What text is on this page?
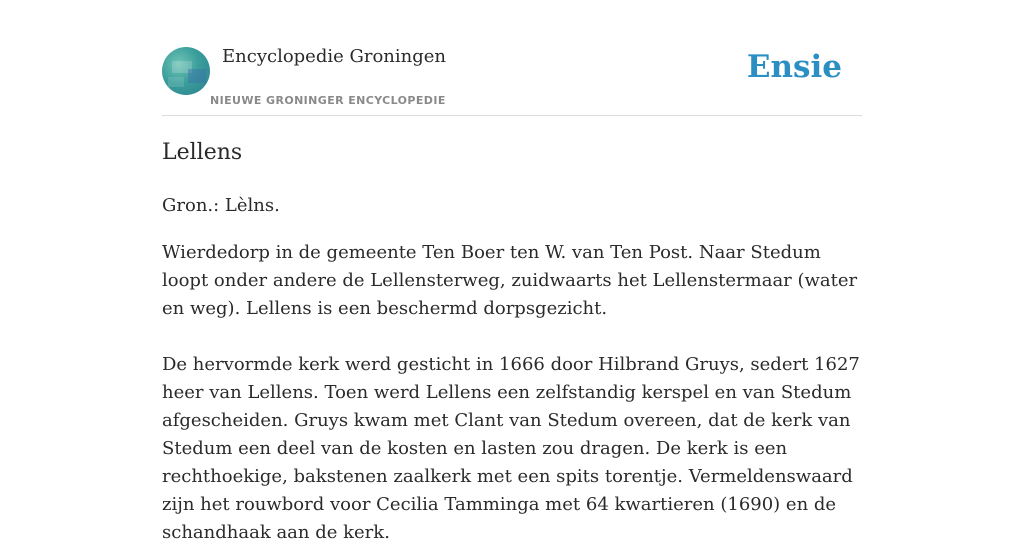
Encyclopedie Groningen
NIEUWE GRONINGER ENCYCLOPEDIE
Ensie
Lellens

Gron.: Lèlns.

Wierdedorp in de gemeente Ten Boer ten W. van Ten Post. Naar Stedum loopt onder andere de Lellensterweg, zuidwaarts het Lellenstermaar (water en weg). Lellens is een beschermd dorpsgezicht.

De hervormde kerk werd gesticht in 1666 door Hilbrand Gruys, sedert 1627 heer van Lellens. Toen werd Lellens een zelfstandig kerspel en van Stedum afgescheiden. Gruys kwam met Clant van Stedum overeen, dat de kerk van Stedum een deel van de kosten en lasten zou dragen. De kerk is een rechthoekige, bakstenen zaalkerk met een spits torentje. Vermeldenswaard zijn het rouwbord voor Cecilia Tamminga met 64 kwartieren (1690) en de schandhaak aan de kerk.
